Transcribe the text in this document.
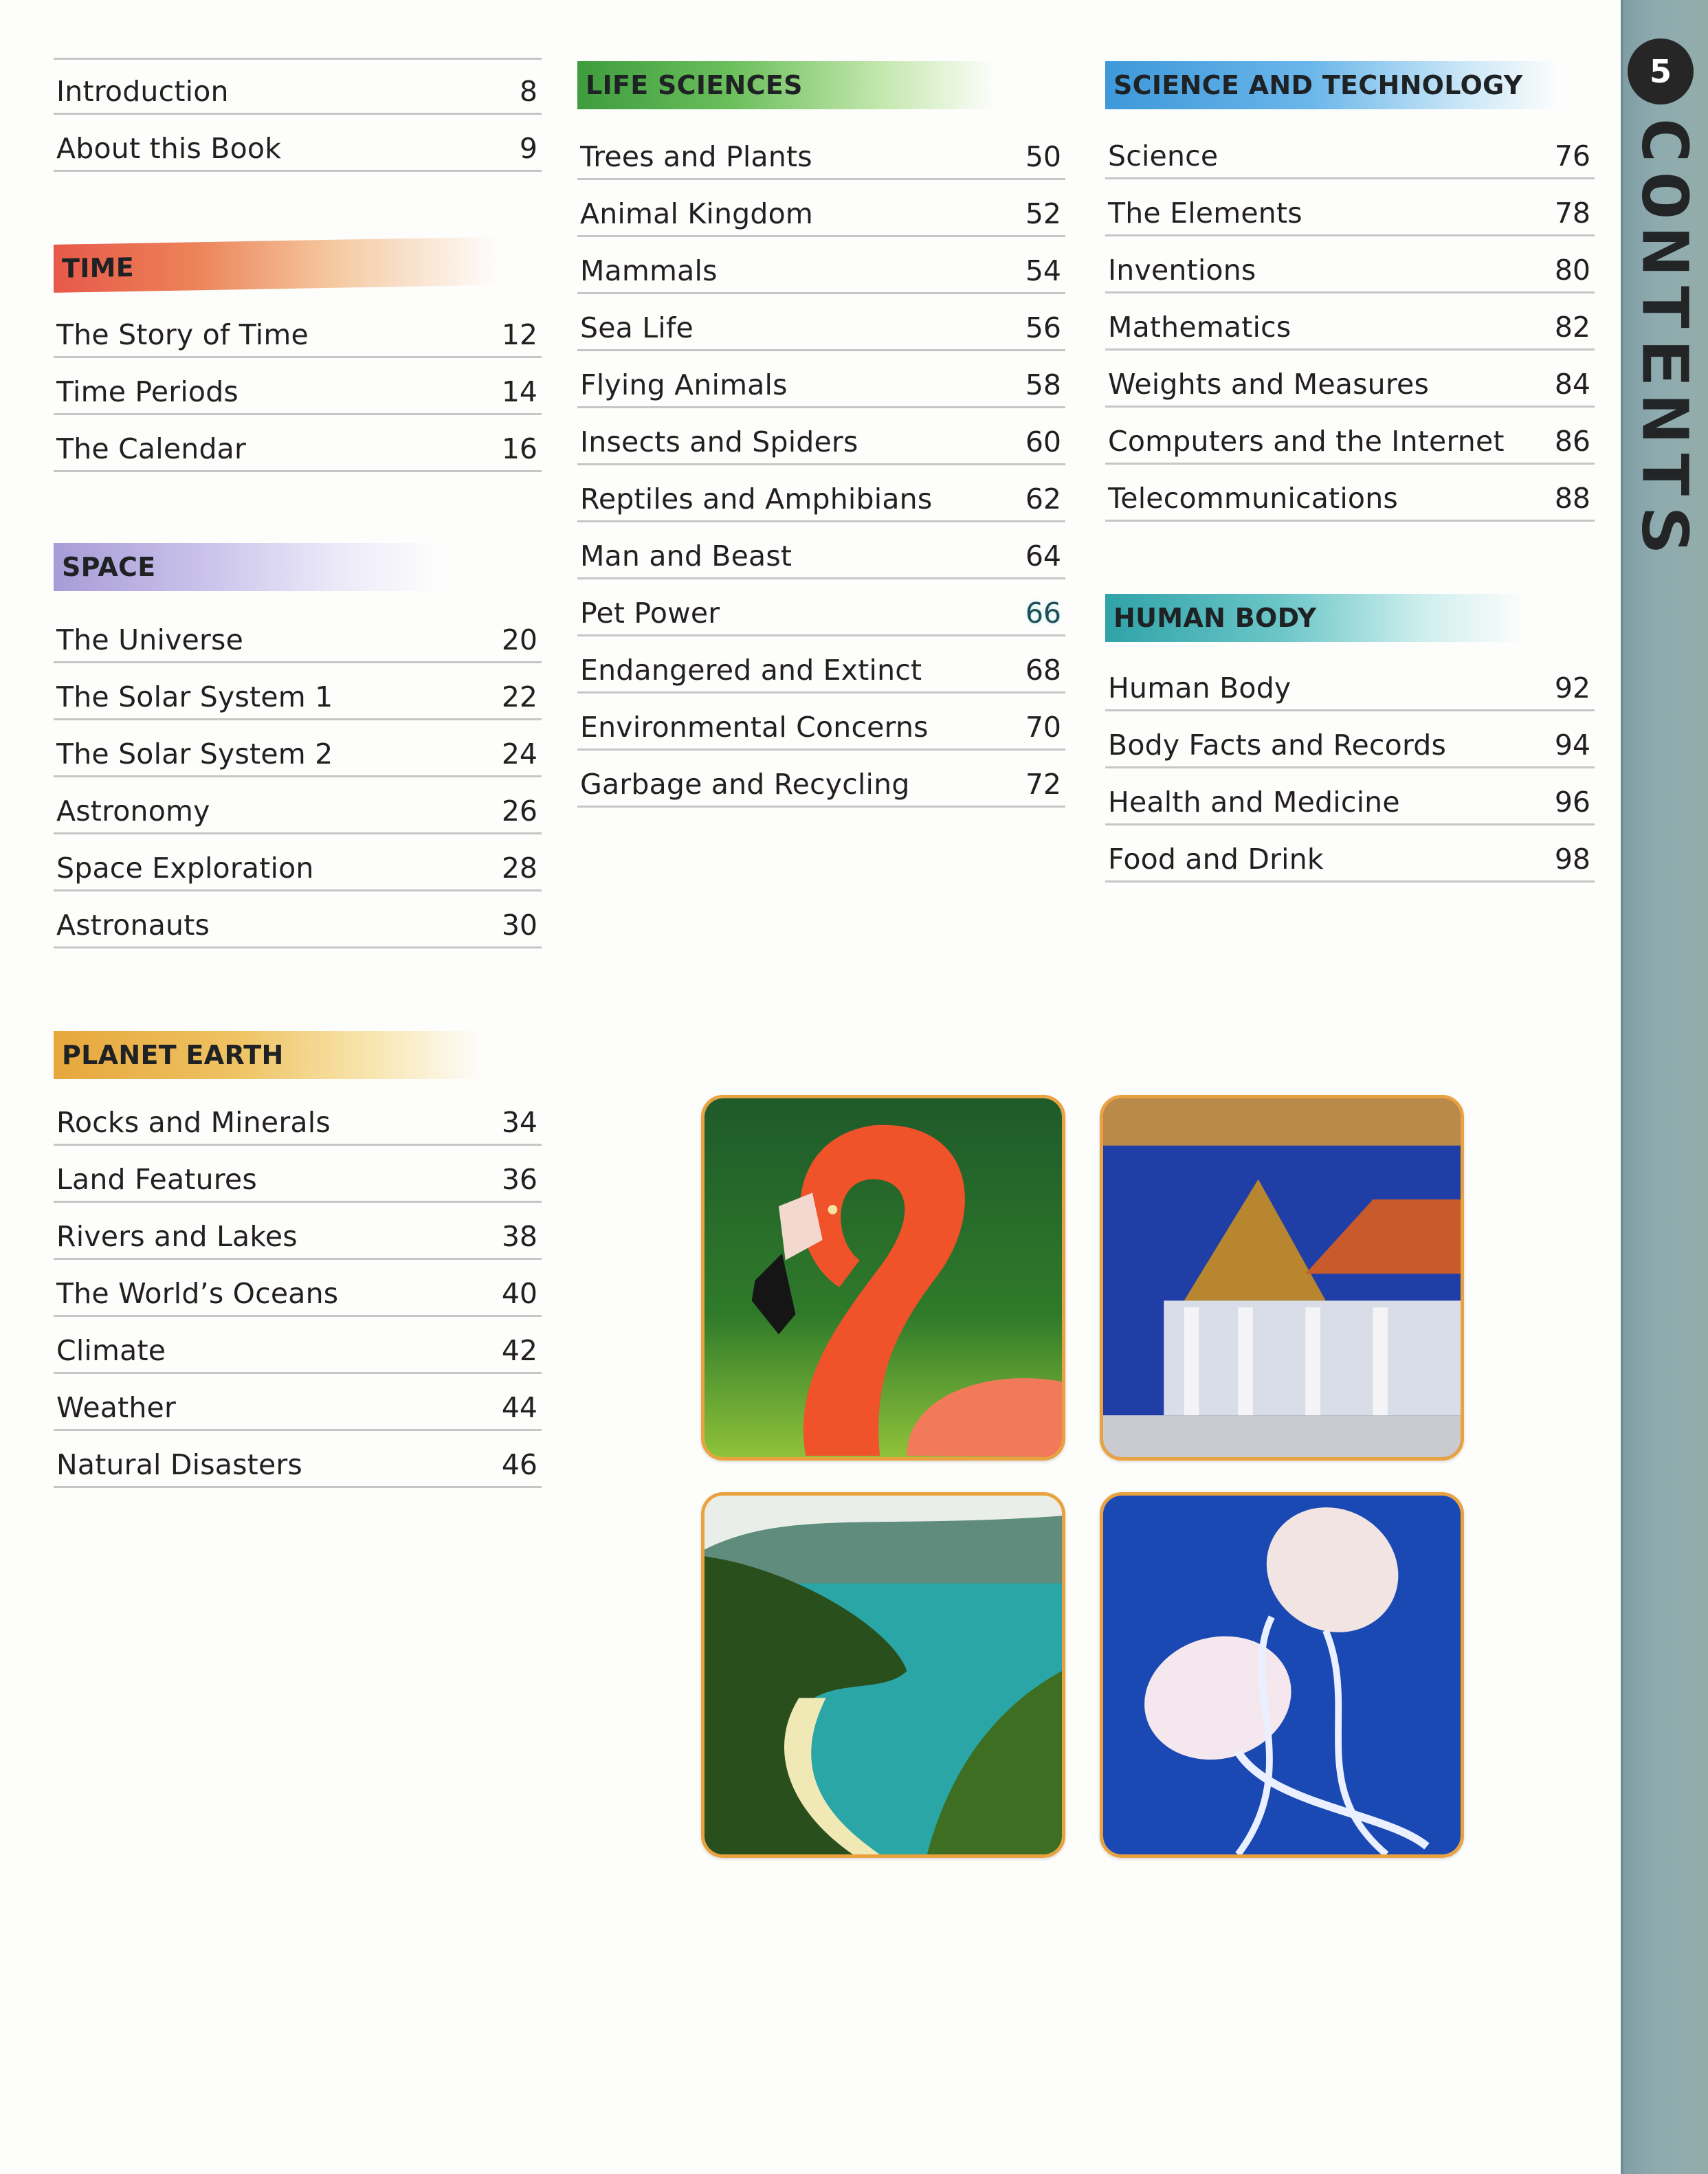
Introduction	8
About this Book	9
TIME
The Story of Time	12
Time Periods	14
The Calendar	16
SPACE
The Universe	20
The Solar System 1	22
The Solar System 2	24
Astronomy	26
Space Exploration	28
Astronauts	30
PLANET EARTH
Rocks and Minerals	34
Land Features	36
Rivers and Lakes	38
The World’s Oceans	40
Climate	42
Weather	44
Natural Disasters	46
LIFE SCIENCES
Trees and Plants	50
Animal Kingdom	52
Mammals	54
Sea Life	56
Flying Animals	58
Insects and Spiders	60
Reptiles and Amphibians	62
Man and Beast	64
Pet Power	66
Endangered and Extinct	68
Environmental Concerns	70
Garbage and Recycling	72
SCIENCE AND TECHNOLOGY
Science	76
The Elements	78
Inventions	80
Mathematics	82
Weights and Measures	84
Computers and the Internet 86
Telecommunications	88
HUMAN BODY
Human Body	92
Body Facts and Records	94
Health and Medicine	96
Food and Drink	98
5
CONTENTS
